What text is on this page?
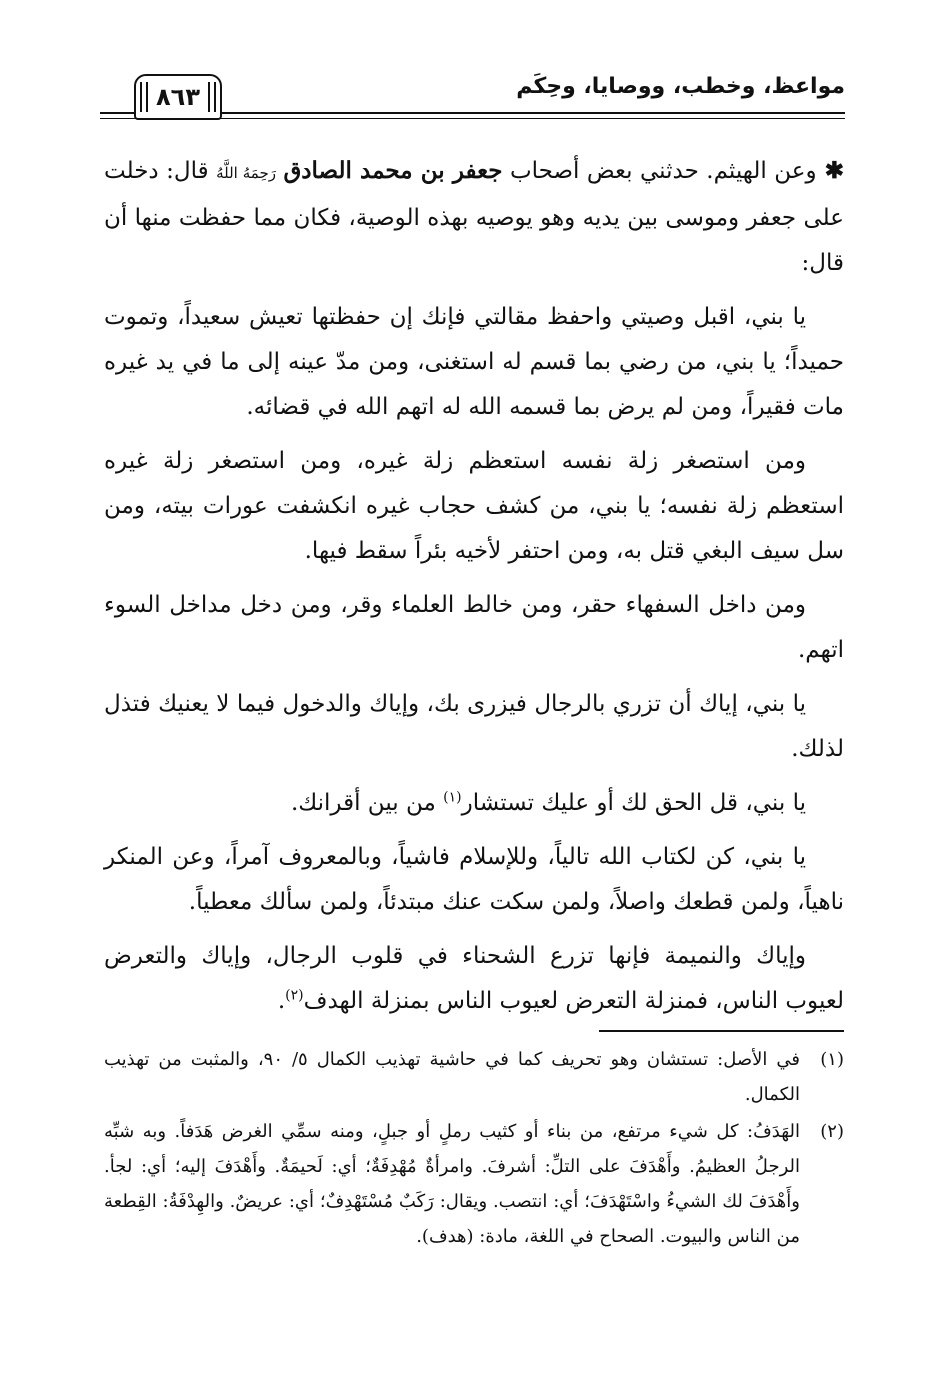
مواعظ، وخطب، ووصايا، وحِكَم
٨٦٣

✱ وعن الهيثم. حدثني بعض أصحاب جعفر بن محمد الصادق رَحِمَهُ اللَّهُ قال: دخلت على جعفر وموسى بين يديه وهو يوصيه بهذه الوصية، فكان مما حفظت منها أن قال:

يا بني، اقبل وصيتي واحفظ مقالتي فإنك إن حفظتها تعيش سعيداً، وتموت حميداً؛ يا بني، من رضي بما قسم له استغنى، ومن مدّ عينه إلى ما في يد غيره مات فقيراً، ومن لم يرض بما قسمه الله له اتهم الله في قضائه.

ومن استصغر زلة نفسه استعظم زلة غيره، ومن استصغر زلة غيره استعظم زلة نفسه؛ يا بني، من كشف حجاب غيره انكشفت عورات بيته، ومن سل سيف البغي قتل به، ومن احتفر لأخيه بئراً سقط فيها.

ومن داخل السفهاء حقر، ومن خالط العلماء وقر، ومن دخل مداخل السوء اتهم.

يا بني، إياك أن تزري بالرجال فيزرى بك، وإياك والدخول فيما لا يعنيك فتذل لذلك.

يا بني، قل الحق لك أو عليك تستشار$^{(١)}$ من بين أقرانك.

يا بني، كن لكتاب الله تالياً، وللإسلام فاشياً، وبالمعروف آمراً، وعن المنكر ناهياً، ولمن قطعك واصلاً، ولمن سكت عنك مبتدئاً، ولمن سألك معطياً.

وإياك والنميمة فإنها تزرع الشحناء في قلوب الرجال، وإياك والتعرض لعيوب الناس، فمنزلة التعرض لعيوب الناس بمنزلة الهدف$^{(٢)}$.

(١)
في الأصل: تستشان وهو تحريف كما في حاشية تهذيب الكمال ٥/ ٩٠، والمثبت من تهذيب الكمال.
(٢)
الهَدَفُ: كل شيء مرتفع، من بناء أو كثيب رملٍ أو جبلٍ، ومنه سمِّي الغرض هَدَفاً. وبه شبِّه الرجلُ العظيمُ. وأَهْدَفَ على التلِّ: أشرفَ. وامرأةٌ مُهْدِفَةٌ؛ أي: لَحيمَةٌ. وأَهْدَفَ إليه؛ أي: لجأ. وأَهْدَفَ لك الشيءُ واسْتَهْدَفَ؛ أي: انتصب. ويقال: رَكَبٌ مُسْتَهْدِفٌ؛ أي: عريضٌ. والهِدْفَةُ: القِطعة من الناس والبيوت. الصحاح في اللغة، مادة: (هدف).
